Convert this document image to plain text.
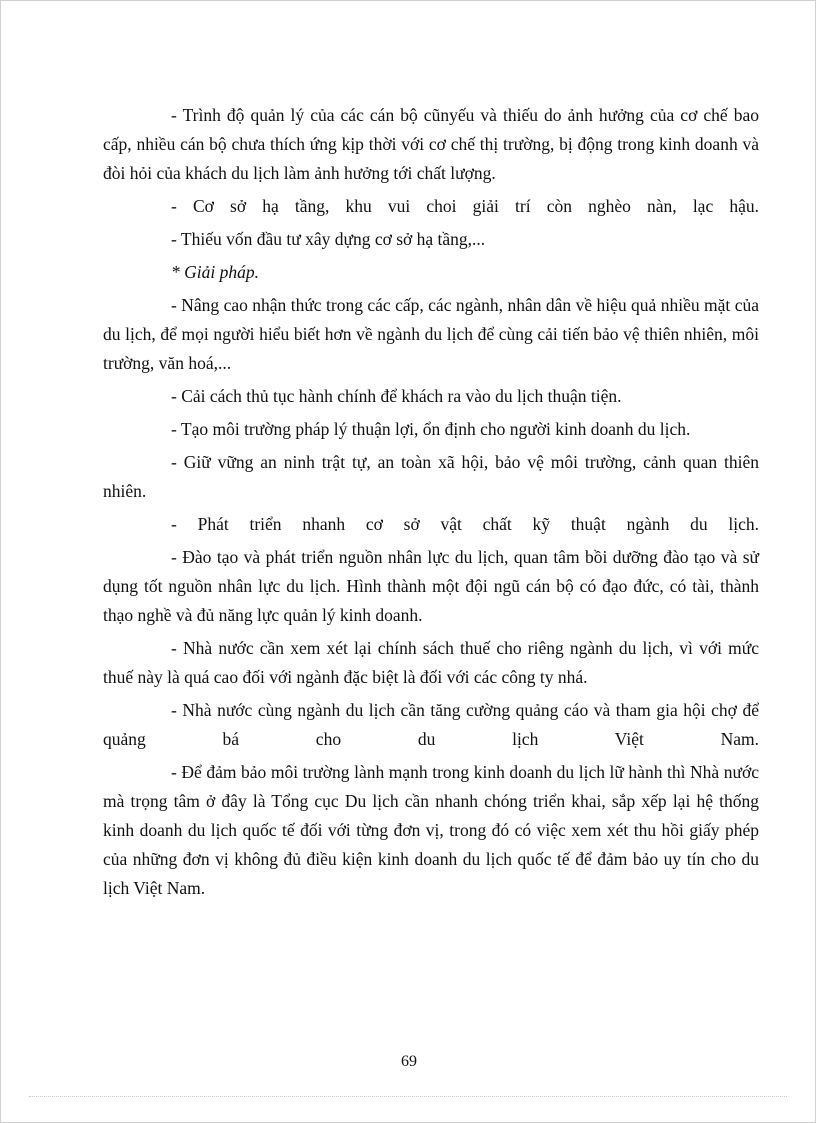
- Trình độ quản lý của các cán bộ cũnyếu và thiếu do ảnh hưởng của cơ chế bao cấp, nhiều cán bộ chưa thích ứng kịp thời với cơ chế thị trường, bị động trong kinh doanh và đòi hỏi của khách du lịch làm ảnh hưởng tới chất lượng.

- Cơ sở hạ tầng, khu vui choi giải trí còn nghèo nàn, lạc hậu.

- Thiếu vốn đầu tư xây dựng cơ sở hạ tầng,...

* Giải pháp.

- Nâng cao nhận thức trong các cấp, các ngành, nhân dân về hiệu quả nhiều mặt của du lịch, để mọi người hiểu biết hơn về ngành du lịch để cùng cải tiến bảo vệ thiên nhiên, môi trường, văn hoá,...

- Cải cách thủ tục hành chính để khách ra vào du lịch thuận tiện.

- Tạo môi trường pháp lý thuận lợi, ổn định cho người kinh doanh du lịch.

- Giữ vững an ninh trật tự, an toàn xã hội, bảo vệ môi trường, cảnh quan thiên nhiên.

- Phát triển nhanh cơ sở vật chất kỹ thuật ngành du lịch.

- Đào tạo và phát triển nguồn nhân lực du lịch, quan tâm bồi dưỡng đào tạo và sử dụng tốt nguồn nhân lực du lịch. Hình thành một đội ngũ cán bộ có đạo đức, có tài, thành thạo nghề và đủ năng lực quản lý kinh doanh.

- Nhà nước cần xem xét lại chính sách thuế cho riêng ngành du lịch, vì với mức thuế này là quá cao đối với ngành đặc biệt là đối với các công ty nhá.

- Nhà nước cùng ngành du lịch cần tăng cường quảng cáo và tham gia hội chợ để quảng bá cho du lịch Việt Nam.

- Để đảm bảo môi trường lành mạnh trong kinh doanh du lịch lữ hành thì Nhà nước mà trọng tâm ở đây là Tổng cục Du lịch cần nhanh chóng triển khai, sắp xếp lại hệ thống kinh doanh du lịch quốc tế đối với từng đơn vị, trong đó có việc xem xét thu hồi giấy phép của những đơn vị không đủ điều kiện kinh doanh du lịch quốc tế để đảm bảo uy tín cho du lịch Việt Nam.

69
